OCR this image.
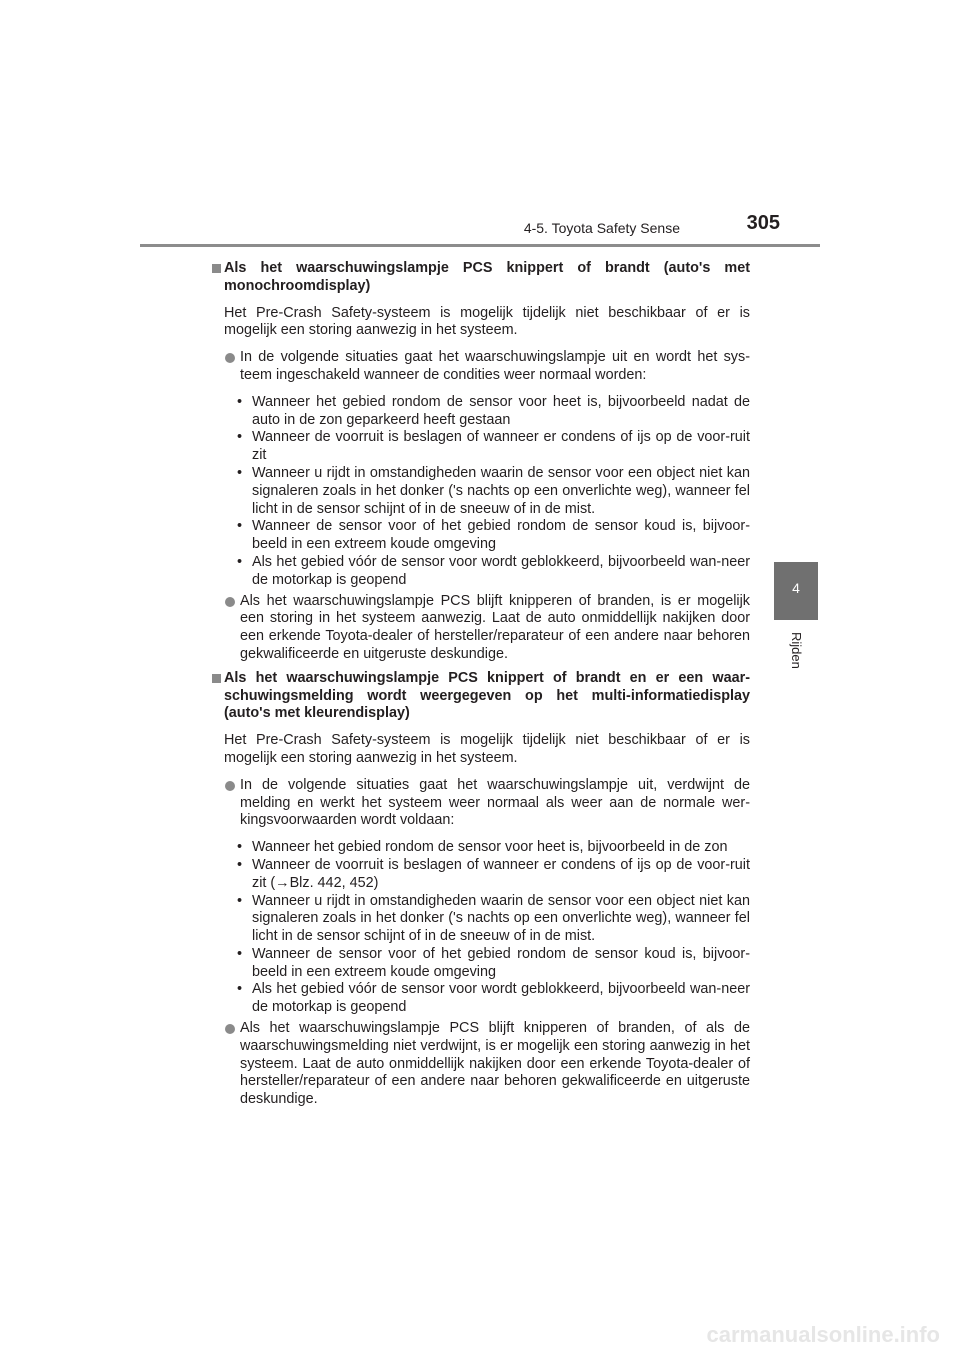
4-5. Toyota Safety Sense	305
4
Rijden
Als het waarschuwingslampje PCS knippert of brandt (auto's met monochroomdisplay)
Het Pre-Crash Safety-systeem is mogelijk tijdelijk niet beschikbaar of er is mogelijk een storing aanwezig in het systeem.
In de volgende situaties gaat het waarschuwingslampje uit en wordt het sys-teem ingeschakeld wanneer de condities weer normaal worden:
• Wanneer het gebied rondom de sensor voor heet is, bijvoorbeeld nadat de auto in de zon geparkeerd heeft gestaan
• Wanneer de voorruit is beslagen of wanneer er condens of ijs op de voor-ruit zit
• Wanneer u rijdt in omstandigheden waarin de sensor voor een object niet kan signaleren zoals in het donker ('s nachts op een onverlichte weg), wanneer fel licht in de sensor schijnt of in de sneeuw of in de mist.
• Wanneer de sensor voor of het gebied rondom de sensor koud is, bijvoor-beeld in een extreem koude omgeving
• Als het gebied vóór de sensor voor wordt geblokkeerd, bijvoorbeeld wan-neer de motorkap is geopend
Als het waarschuwingslampje PCS blijft knipperen of branden, is er mogelijk een storing in het systeem aanwezig. Laat de auto onmiddellijk nakijken door een erkende Toyota-dealer of hersteller/reparateur of een andere naar behoren gekwalificeerde en uitgeruste deskundige.
Als het waarschuwingslampje PCS knippert of brandt en er een waar-schuwingsmelding wordt weergegeven op het multi-informatiedisplay (auto's met kleurendisplay)
Het Pre-Crash Safety-systeem is mogelijk tijdelijk niet beschikbaar of er is mogelijk een storing aanwezig in het systeem.
In de volgende situaties gaat het waarschuwingslampje uit, verdwijnt de melding en werkt het systeem weer normaal als weer aan de normale wer-kingsvoorwaarden wordt voldaan:
• Wanneer het gebied rondom de sensor voor heet is, bijvoorbeeld in de zon
• Wanneer de voorruit is beslagen of wanneer er condens of ijs op de voor-ruit zit (→Blz. 442, 452)
• Wanneer u rijdt in omstandigheden waarin de sensor voor een object niet kan signaleren zoals in het donker ('s nachts op een onverlichte weg), wanneer fel licht in de sensor schijnt of in de sneeuw of in de mist.
• Wanneer de sensor voor of het gebied rondom de sensor koud is, bijvoor-beeld in een extreem koude omgeving
• Als het gebied vóór de sensor voor wordt geblokkeerd, bijvoorbeeld wan-neer de motorkap is geopend
Als het waarschuwingslampje PCS blijft knipperen of branden, of als de waarschuwingsmelding niet verdwijnt, is er mogelijk een storing aanwezig in het systeem. Laat de auto onmiddellijk nakijken door een erkende Toyota-dealer of hersteller/reparateur of een andere naar behoren gekwalificeerde en uitgeruste deskundige.
carmanualsonline.info
